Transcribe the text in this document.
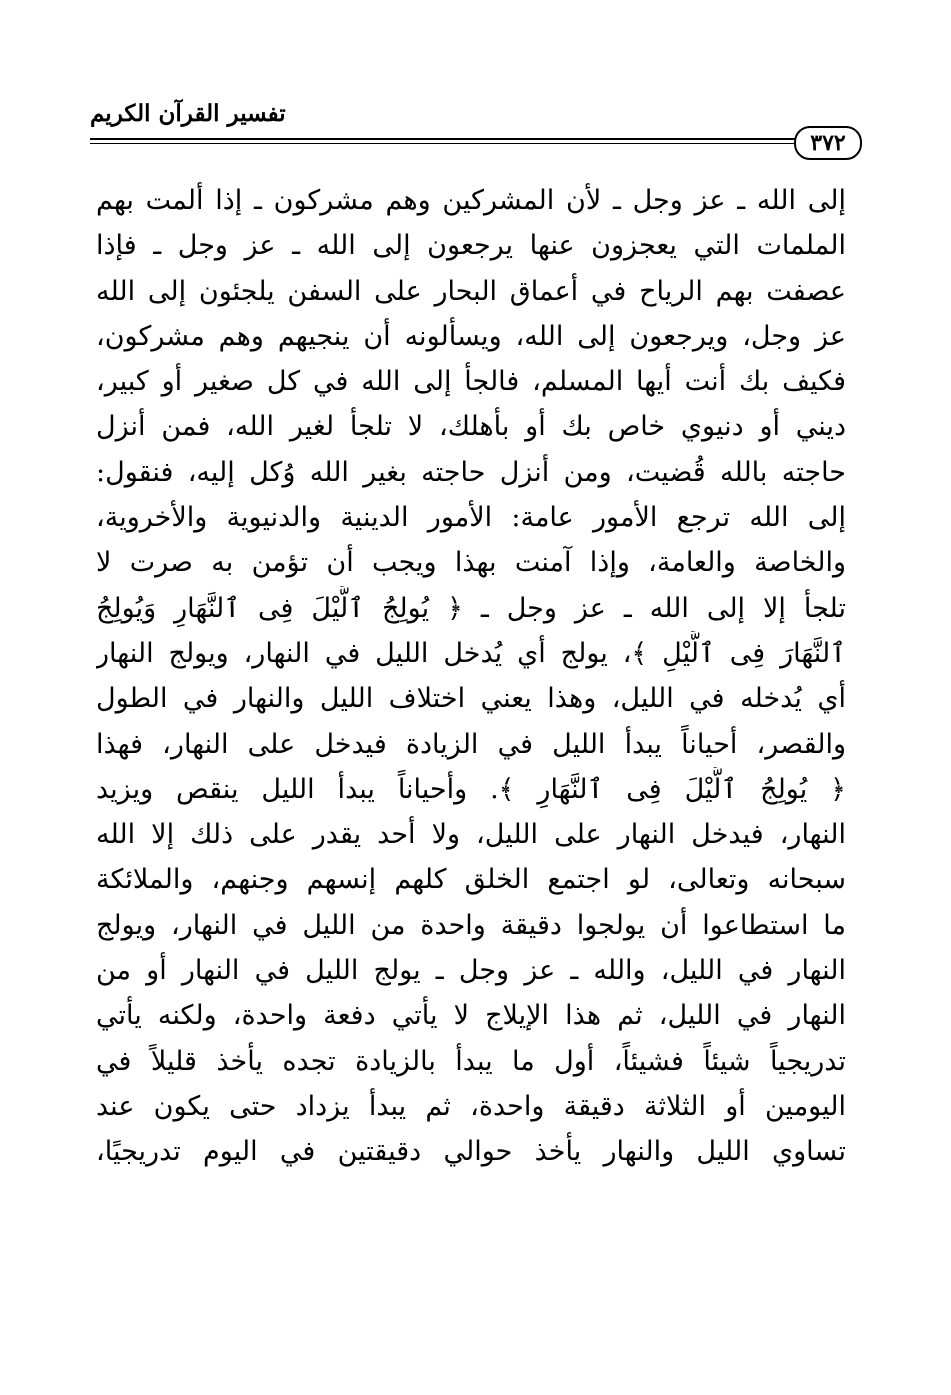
تفسير القرآن الكريم
٣٧٢
إلى الله ـ عز وجل ـ لأن المشركين وهم مشركون ـ إذا ألمت بهم
الملمات التي يعجزون عنها يرجعون إلى الله ـ عز وجل ـ فإذا
عصفت بهم الرياح في أعماق البحار على السفن يلجئون إلى الله
عز وجل، ويرجعون إلى الله، ويسألونه أن ينجيهم وهم مشركون،
فكيف بك أنت أيها المسلم، فالجأ إلى الله في كل صغير أو كبير،
ديني أو دنيوي خاص بك أو بأهلك، لا تلجأ لغير الله، فمن أنزل
حاجته بالله قُضيت، ومن أنزل حاجته بغير الله وُكل إليه، فنقول:
إلى الله ترجع الأمور عامة: الأمور الدينية والدنيوية والأخروية،
والخاصة والعامة، وإذا آمنت بهذا ويجب أن تؤمن به صرت لا
تلجأ إلا إلى الله ـ عز وجل ـ ﴿ يُولِجُ ٱلَّيْلَ فِى ٱلنَّهَارِ وَيُولِجُ
ٱلنَّهَارَ فِى ٱلَّيْلِ ﴾، يولج أي يُدخل الليل في النهار، ويولج النهار
أي يُدخله في الليل، وهذا يعني اختلاف الليل والنهار في الطول
والقصر، أحياناً يبدأ الليل في الزيادة فيدخل على النهار، فهذا
﴿ يُولِجُ ٱلَّيْلَ فِى ٱلنَّهَارِ ﴾. وأحياناً يبدأ الليل ينقص ويزيد
النهار، فيدخل النهار على الليل، ولا أحد يقدر على ذلك إلا الله
سبحانه وتعالى، لو اجتمع الخلق كلهم إنسهم وجنهم، والملائكة
ما استطاعوا أن يولجوا دقيقة واحدة من الليل في النهار، ويولج
النهار في الليل، والله ـ عز وجل ـ يولج الليل في النهار أو من
النهار في الليل، ثم هذا الإيلاج لا يأتي دفعة واحدة، ولكنه يأتي
تدريجياً شيئاً فشيئاً، أول ما يبدأ بالزيادة تجده يأخذ قليلاً في
اليومين أو الثلاثة دقيقة واحدة، ثم يبدأ يزداد حتى يكون عند
تساوي الليل والنهار يأخذ حوالي دقيقتين في اليوم تدريجيًا،
